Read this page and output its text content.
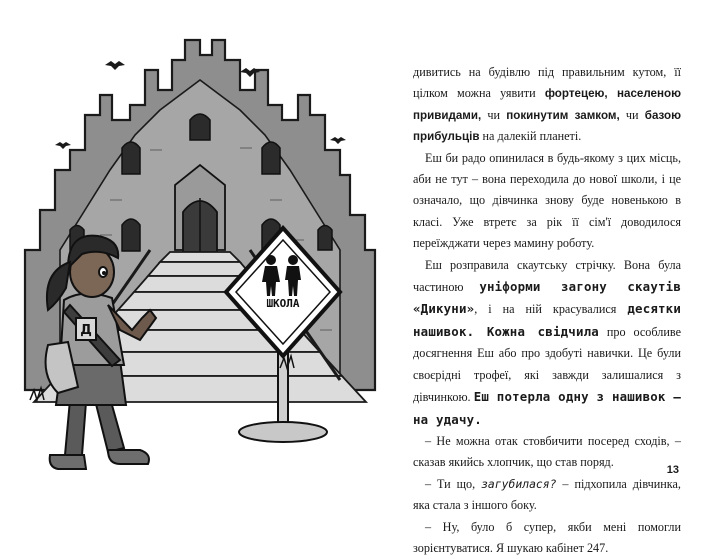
ШКОЛА
Д

дивитись на будівлю під правильним кутом, її цілком можна уявити фортецею, населеною привидами, чи покинутим замком, чи базою прибульців на далекій планеті.

Еш би радо опинилася в будь-якому з цих місць, аби не тут – вона переходила до нової школи, і це означало, що дівчинка знову буде новенькою в класі. Уже втретє за рік її сім'ї доводилося переїжджати через мамину роботу.

Еш розправила скаутську стрічку. Вона була частиною уніформи загону скаутів «Дикуни», і на ній красувалися десятки нашивок. Кожна свідчила про особливе досягнення Еш або про здобуті навички. Це були своєрідні трофеї, які завжди залишалися з дівчинкою. Еш потерла одну з нашивок – на удачу.

– Не можна отак стовбичити посеред сходів, – сказав якийсь хлопчик, що став поряд.

– Ти що, загубилася? – підхопила дівчинка, яка стала з іншого боку.

– Ну, було б супер, якби мені помогли зорієнтуватися. Я шукаю кабінет 247.

13
